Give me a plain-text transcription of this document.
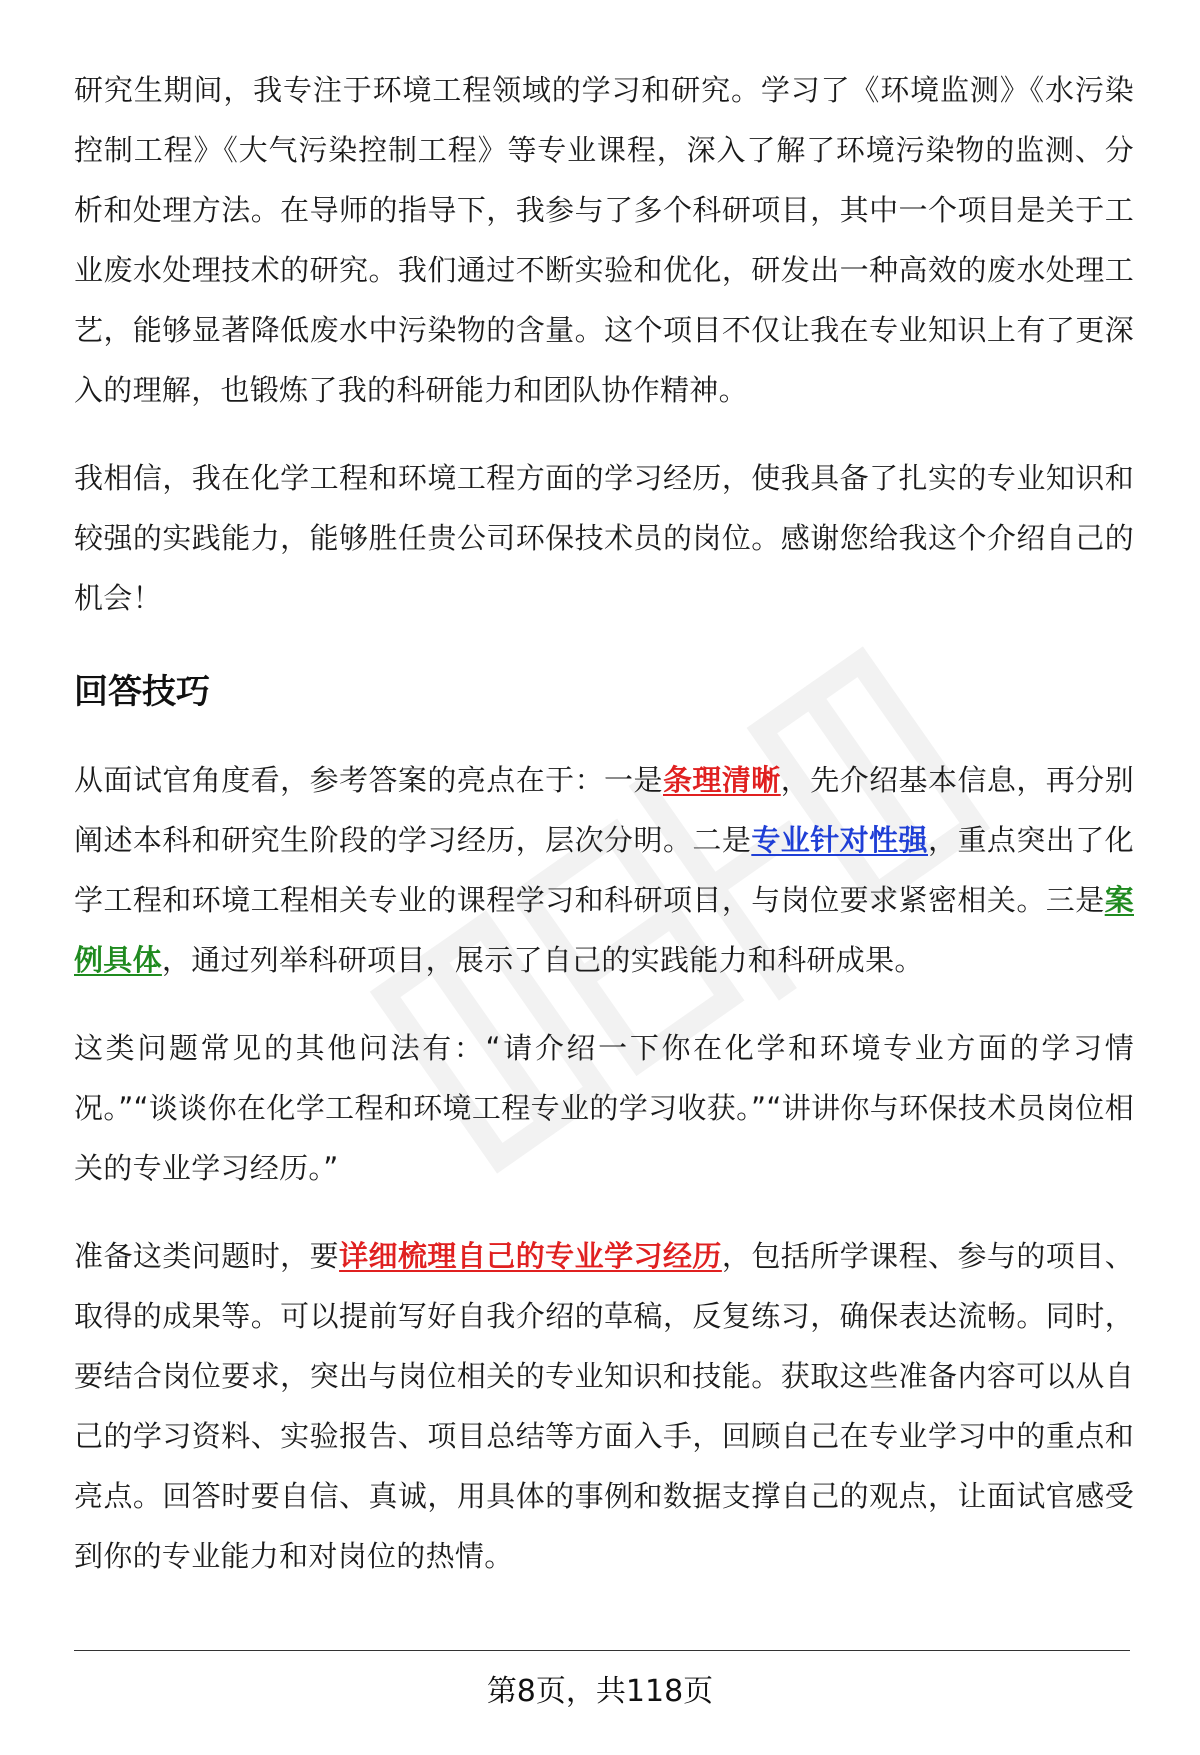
研究生期间，我专注于环境工程领域的学习和研究。学习了《环境监测》《水污染控制工程》《大气污染控制工程》等专业课程，深入了解了环境污染物的监测、分析和处理方法。在导师的指导下，我参与了多个科研项目，其中一个项目是关于工业废水处理技术的研究。我们通过不断实验和优化，研发出一种高效的废水处理工艺，能够显著降低废水中污染物的含量。这个项目不仅让我在专业知识上有了更深入的理解，也锻炼了我的科研能力和团队协作精神。

我相信，我在化学工程和环境工程方面的学习经历，使我具备了扎实的专业知识和较强的实践能力，能够胜任贵公司环保技术员的岗位。感谢您给我这个介绍自己的机会！

回答技巧

从面试官角度看，参考答案的亮点在于：一是条理清晰，先介绍基本信息，再分别阐述本科和研究生阶段的学习经历，层次分明。二是专业针对性强，重点突出了化学工程和环境工程相关专业的课程学习和科研项目，与岗位要求紧密相关。三是案例具体，通过列举科研项目，展示了自己的实践能力和科研成果。

这类问题常见的其他问法有：“请介绍一下你在化学和环境专业方面的学习情况。”“谈谈你在化学工程和环境工程专业的学习收获。”“讲讲你与环保技术员岗位相关的专业学习经历。”

准备这类问题时，要详细梳理自己的专业学习经历，包括所学课程、参与的项目、取得的成果等。可以提前写好自我介绍的草稿，反复练习，确保表达流畅。同时，要结合岗位要求，突出与岗位相关的专业知识和技能。获取这些准备内容可以从自己的学习资料、实验报告、项目总结等方面入手，回顾自己在专业学习中的重点和亮点。回答时要自信、真诚，用具体的事例和数据支撑自己的观点，让面试官感受到你的专业能力和对岗位的热情。

第8页，共118页
